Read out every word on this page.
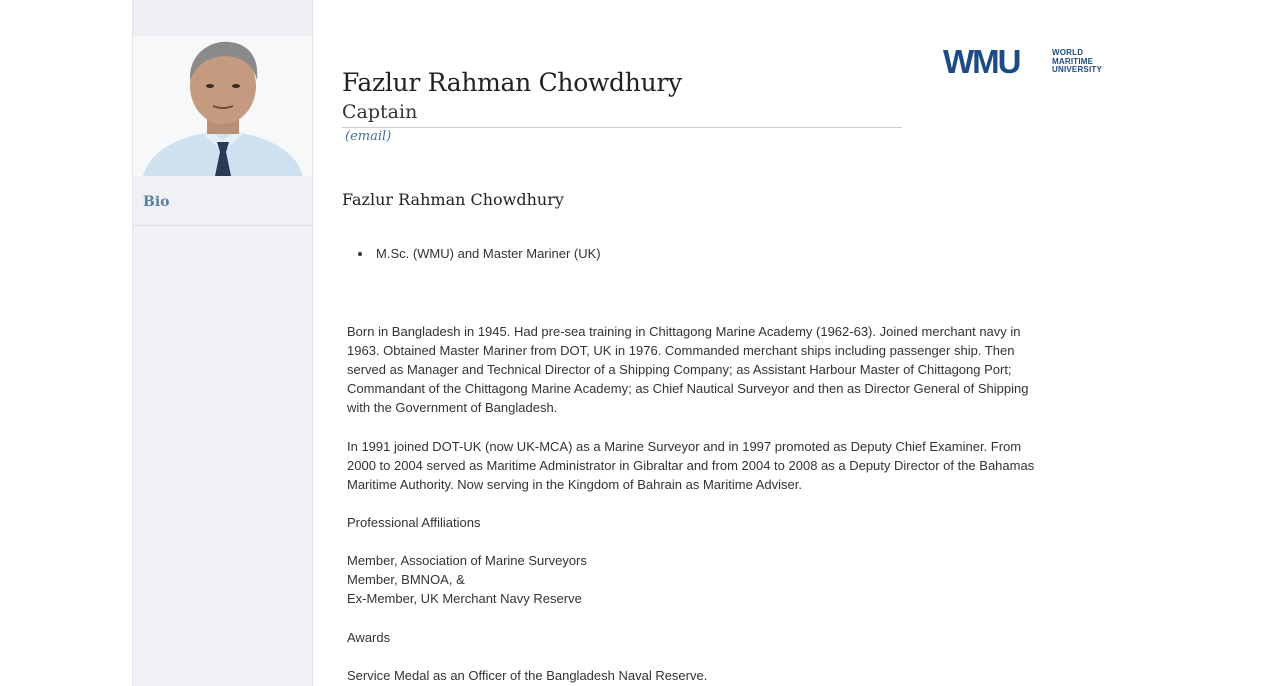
Bio
Fazlur Rahman Chowdhury
Captain
(email)
WMU	WORLD
MARITIME
UNIVERSITY
Fazlur Rahman Chowdhury
M.Sc. (WMU) and Master Mariner (UK)

Born in Bangladesh in 1945. Had pre-sea training in Chittagong Marine Academy (1962-63). Joined merchant navy in 1963. Obtained Master Mariner from DOT, UK in 1976. Commanded merchant ships including passenger ship. Then served as Manager and Technical Director of a Shipping Company; as Assistant Harbour Master of Chittagong Port; Commandant of the Chittagong Marine Academy; as Chief Nautical Surveyor and then as Director General of Shipping with the Government of Bangladesh.

In 1991 joined DOT-UK (now UK-MCA) as a Marine Surveyor and in 1997 promoted as Deputy Chief Examiner. From 2000 to 2004 served as Maritime Administrator in Gibraltar and from 2004 to 2008 as a Deputy Director of the Bahamas Maritime Authority. Now serving in the Kingdom of Bahrain as Maritime Adviser.

Professional Affiliations

Member, Association of Marine Surveyors

Member, BMNOA, &

Ex-Member, UK Merchant Navy Reserve

Awards

Service Medal as an Officer of the Bangladesh Naval Reserve.
